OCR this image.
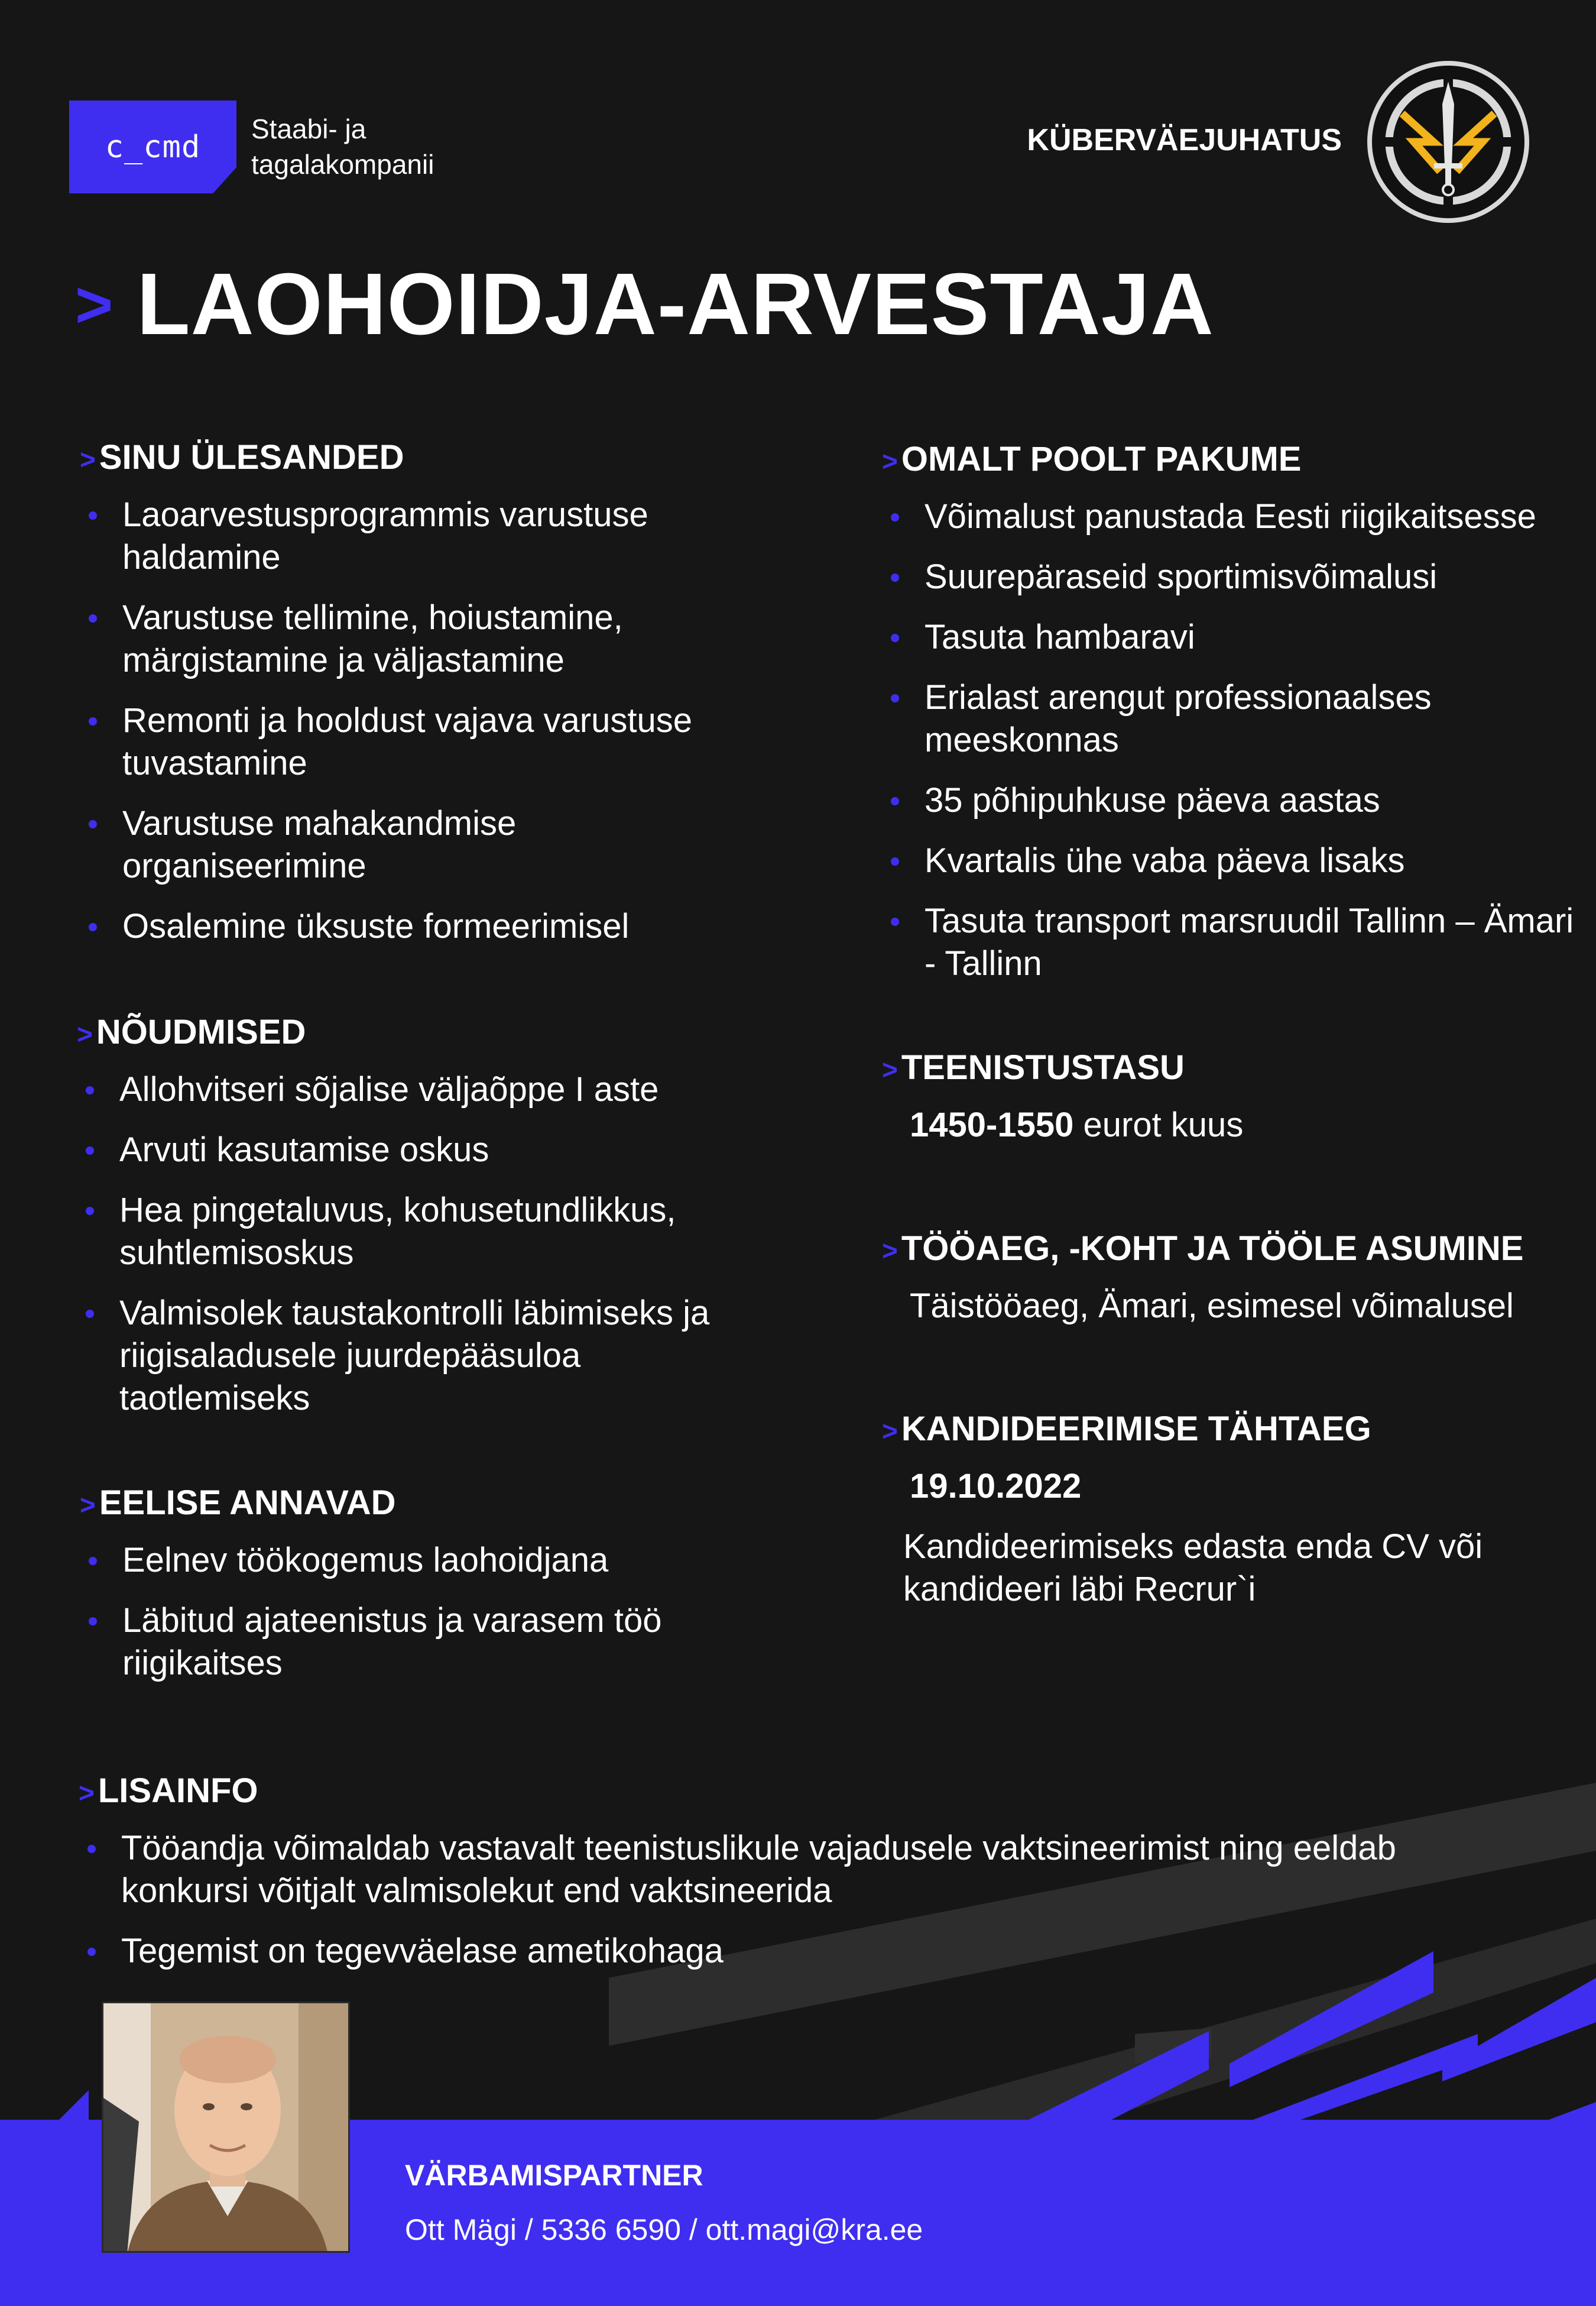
c_cmd
Staabi- ja
tagalakompanii
KÜBERVÄEJUHATUS
> LAOHOIDJA-ARVESTAJA
> SINU ÜLESANDED
Laoarvestusprogrammis varustuse haldamine
Varustuse tellimine, hoiustamine, märgistamine ja väljastamine
Remonti ja hooldust vajava varustuse tuvastamine
Varustuse mahakandmise organiseerimine
Osalemine üksuste formeerimisel
> NÕUDMISED
Allohvitseri sõjalise väljaõppe I aste
Arvuti kasutamise oskus
Hea pingetaluvus, kohusetundlikkus, suhtlemisoskus
Valmisolek taustakontrolli läbimiseks ja riigisaladusele juurdepääsuloa taotlemiseks
> EELISE ANNAVAD
Eelnev töökogemus laohoidjana
Läbitud ajateenistus ja varasem töö riigikaitses
> OMALT POOLT PAKUME
Võimalust panustada Eesti riigikaitsesse
Suurepäraseid sportimisvõimalusi
Tasuta hambaravi
Erialast arengut professionaalses meeskonnas
35 põhipuhkuse päeva aastas
Kvartalis ühe vaba päeva lisaks
Tasuta transport marsruudil Tallinn – Ämari - Tallinn
> TEENISTUSTASU
1450-1550 eurot kuus
> TÖÖAEG, -KOHT JA TÖÖLE ASUMINE
Täistööaeg, Ämari, esimesel võimalusel
> KANDIDEERIMISE TÄHTAEG
19.10.2022
Kandideerimiseks edasta enda CV või kandideeri läbi Recrur`i
> LISAINFO
Tööandja võimaldab vastavalt teenistuslikule vajadusele vaktsineerimist ning eeldab konkursi võitjalt valmisolekut end vaktsineerida
Tegemist on tegevväelase ametikohaga
VÄRBAMISPARTNER
Ott Mägi / 5336 6590 / ott.magi@kra.ee
